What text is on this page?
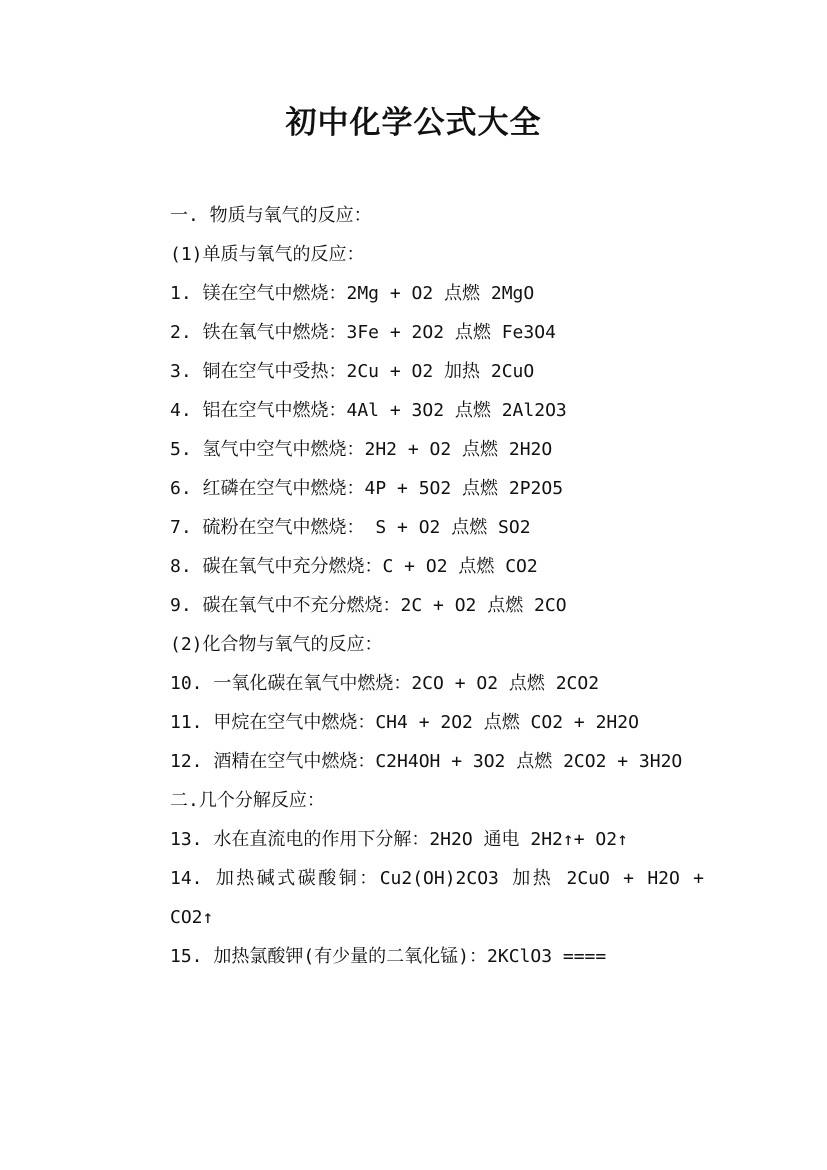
初中化学公式大全
一. 物质与氧气的反应：
(1)单质与氧气的反应：
1. 镁在空气中燃烧：2Mg + O2 点燃 2MgO
2. 铁在氧气中燃烧：3Fe + 2O2 点燃 Fe3O4
3. 铜在空气中受热：2Cu + O2 加热 2CuO
4. 铝在空气中燃烧：4Al + 3O2 点燃 2Al2O3
5. 氢气中空气中燃烧：2H2 + O2 点燃 2H2O
6. 红磷在空气中燃烧：4P + 5O2 点燃 2P2O5
7. 硫粉在空气中燃烧： S + O2 点燃 SO2
8. 碳在氧气中充分燃烧：C + O2 点燃 CO2
9. 碳在氧气中不充分燃烧：2C + O2 点燃 2CO
(2)化合物与氧气的反应：
10. 一氧化碳在氧气中燃烧：2CO + O2 点燃 2CO2
11. 甲烷在空气中燃烧：CH4 + 2O2 点燃 CO2 + 2H2O
12. 酒精在空气中燃烧：C2H4OH + 3O2 点燃 2CO2 + 3H2O
二.几个分解反应：
13. 水在直流电的作用下分解：2H2O 通电 2H2↑+ O2↑
14. 加热碱式碳酸铜：Cu2(OH)2CO3 加热 2CuO + H2O + CO2↑
15. 加热氯酸钾(有少量的二氧化锰)：2KClO3 ====
